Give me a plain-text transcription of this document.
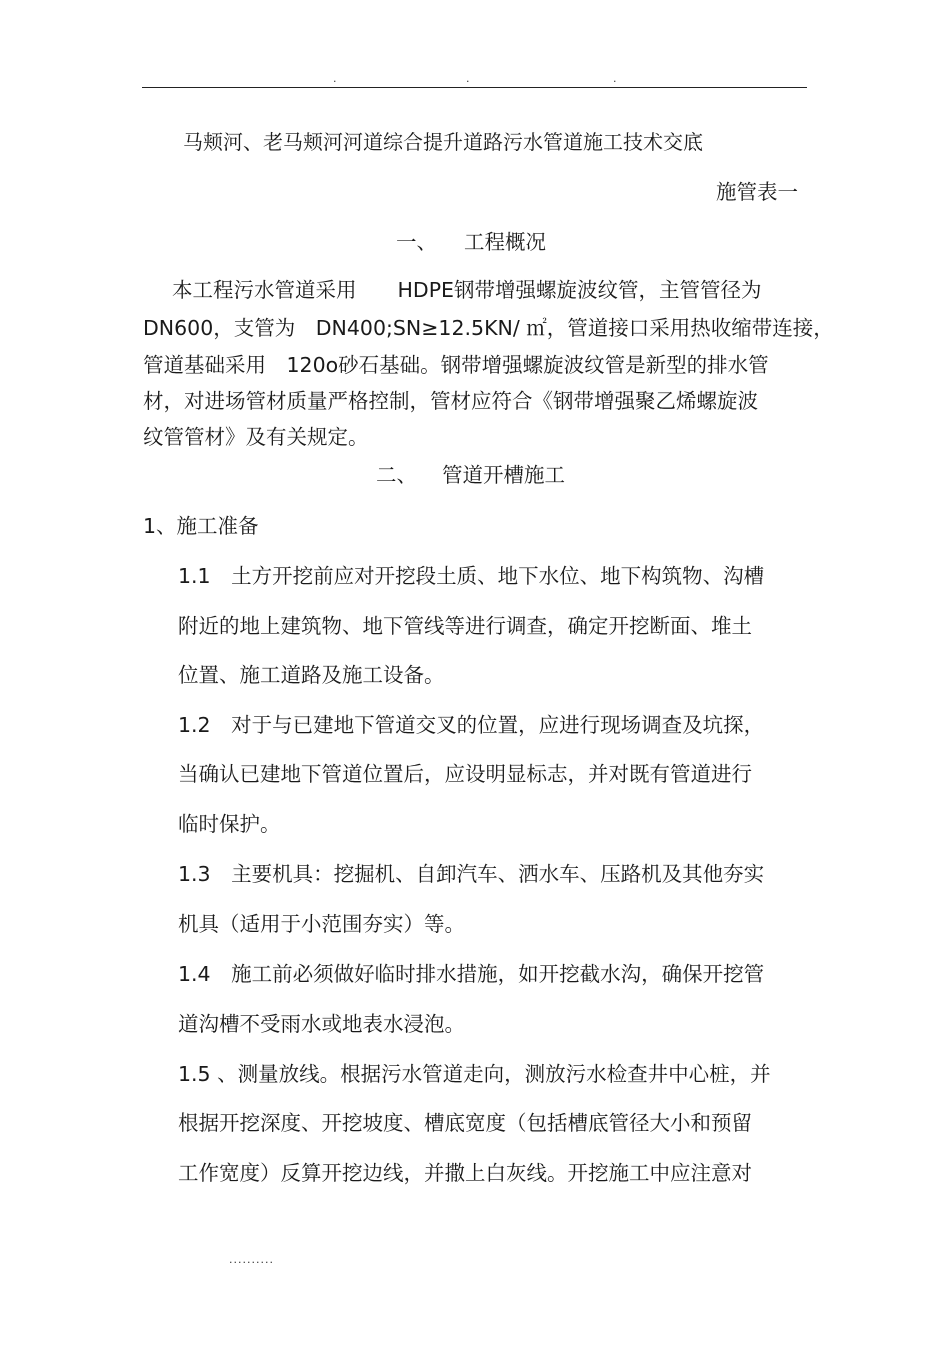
.	.	.
马颊河、老马颊河河道综合提升道路污水管道施工技术交底
施管表一
一、 工程概况
本工程污水管道采用　　HDPE钢带增强螺旋波纹管，主管管径为
DN600，支管为　DN400;SN≥12.5KN/ ㎡，管道接口采用热收缩带连接，
管道基础采用　120o砂石基础。钢带增强螺旋波纹管是新型的排水管
材，对进场管材质量严格控制，管材应符合《钢带增强聚乙烯螺旋波
纹管管材》及有关规定。
二、 管道开槽施工
1、施工准备
1.1　土方开挖前应对开挖段土质、地下水位、地下构筑物、沟槽
附近的地上建筑物、地下管线等进行调查，确定开挖断面、堆土
位置、施工道路及施工设备。
1.2　对于与已建地下管道交叉的位置，应进行现场调查及坑探，
当确认已建地下管道位置后，应设明显标志，并对既有管道进行
临时保护。
1.3　主要机具：挖掘机、自卸汽车、洒水车、压路机及其他夯实
机具（适用于小范围夯实）等。
1.4　施工前必须做好临时排水措施，如开挖截水沟，确保开挖管
道沟槽不受雨水或地表水浸泡。
1.5 、测量放线。根据污水管道走向，测放污水检查井中心桩，并
根据开挖深度、开挖坡度、槽底宽度（包括槽底管径大小和预留
工作宽度）反算开挖边线，并撒上白灰线。开挖施工中应注意对
..........
